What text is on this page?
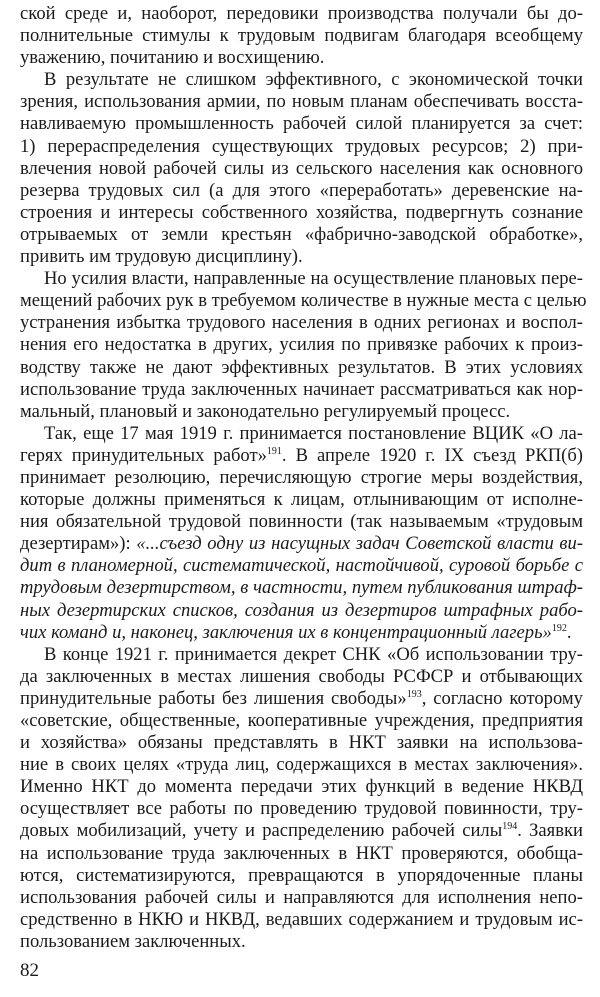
ской среде и, наоборот, передовики производства получали бы до-
полнительные стимулы к трудовым подвигам благодаря всеобщему
уважению, почитанию и восхищению.
В результате не слишком эффективного, с экономической точки
зрения, использования армии, по новым планам обеспечивать восста-
навливаемую промышленность рабочей силой планируется за счет:
1) перераспределения существующих трудовых ресурсов; 2) при-
влечения новой рабочей силы из сельского населения как основного
резерва трудовых сил (а для этого «переработать» деревенские на-
строения и интересы собственного хозяйства, подвергнуть сознание
отрываемых от земли крестьян «фабрично-заводской обработке»,
привить им трудовую дисциплину).
Но усилия власти, направленные на осуществление плановых пере-
мещений рабочих рук в требуемом количестве в нужные места с целью
устранения избытка трудового населения в одних регионах и воспол-
нения его недостатка в других, усилия по привязке рабочих к произ-
водству также не дают эффективных результатов. В этих условиях
использование труда заключенных начинает рассматриваться как нор-
мальный, плановый и законодательно регулируемый процесс.
Так, еще 17 мая 1919 г. принимается постановление ВЦИК «О ла-
герях принудительных работ»$^{191}$. В апреле 1920 г. IX съезд РКП(б)
принимает резолюцию, перечисляющую строгие меры воздействия,
которые должны применяться к лицам, отлынивающим от исполне-
ния обязательной трудовой повинности (так называемым «трудовым
дезертирам»): «...съезд одну из насущных задач Советской власти ви-
дит в планомерной, систематической, настойчивой, суровой борьбе с
трудовым дезертирством, в частности, путем публикования штраф-
ных дезертирских списков, создания из дезертиров штрафных рабо-
чих команд и, наконец, заключения их в концентрационный лагерь»$^{192}$.
В конце 1921 г. принимается декрет СНК «Об использовании тру-
да заключенных в местах лишения свободы РСФСР и отбывающих
принудительные работы без лишения свободы»$^{193}$, согласно которому
«советские, общественные, кооперативные учреждения, предприятия
и хозяйства» обязаны представлять в НКТ заявки на использова-
ние в своих целях «труда лиц, содержащихся в местах заключения».
Именно НКТ до момента передачи этих функций в ведение НКВД
осуществляет все работы по проведению трудовой повинности, тру-
довых мобилизаций, учету и распределению рабочей силы$^{194}$. Заявки
на использование труда заключенных в НКТ проверяются, обобща-
ются, систематизируются, превращаются в упорядоченные планы
использования рабочей силы и направляются для исполнения непо-
средственно в НКЮ и НКВД, ведавших содержанием и трудовым ис-
пользованием заключенных.
82
